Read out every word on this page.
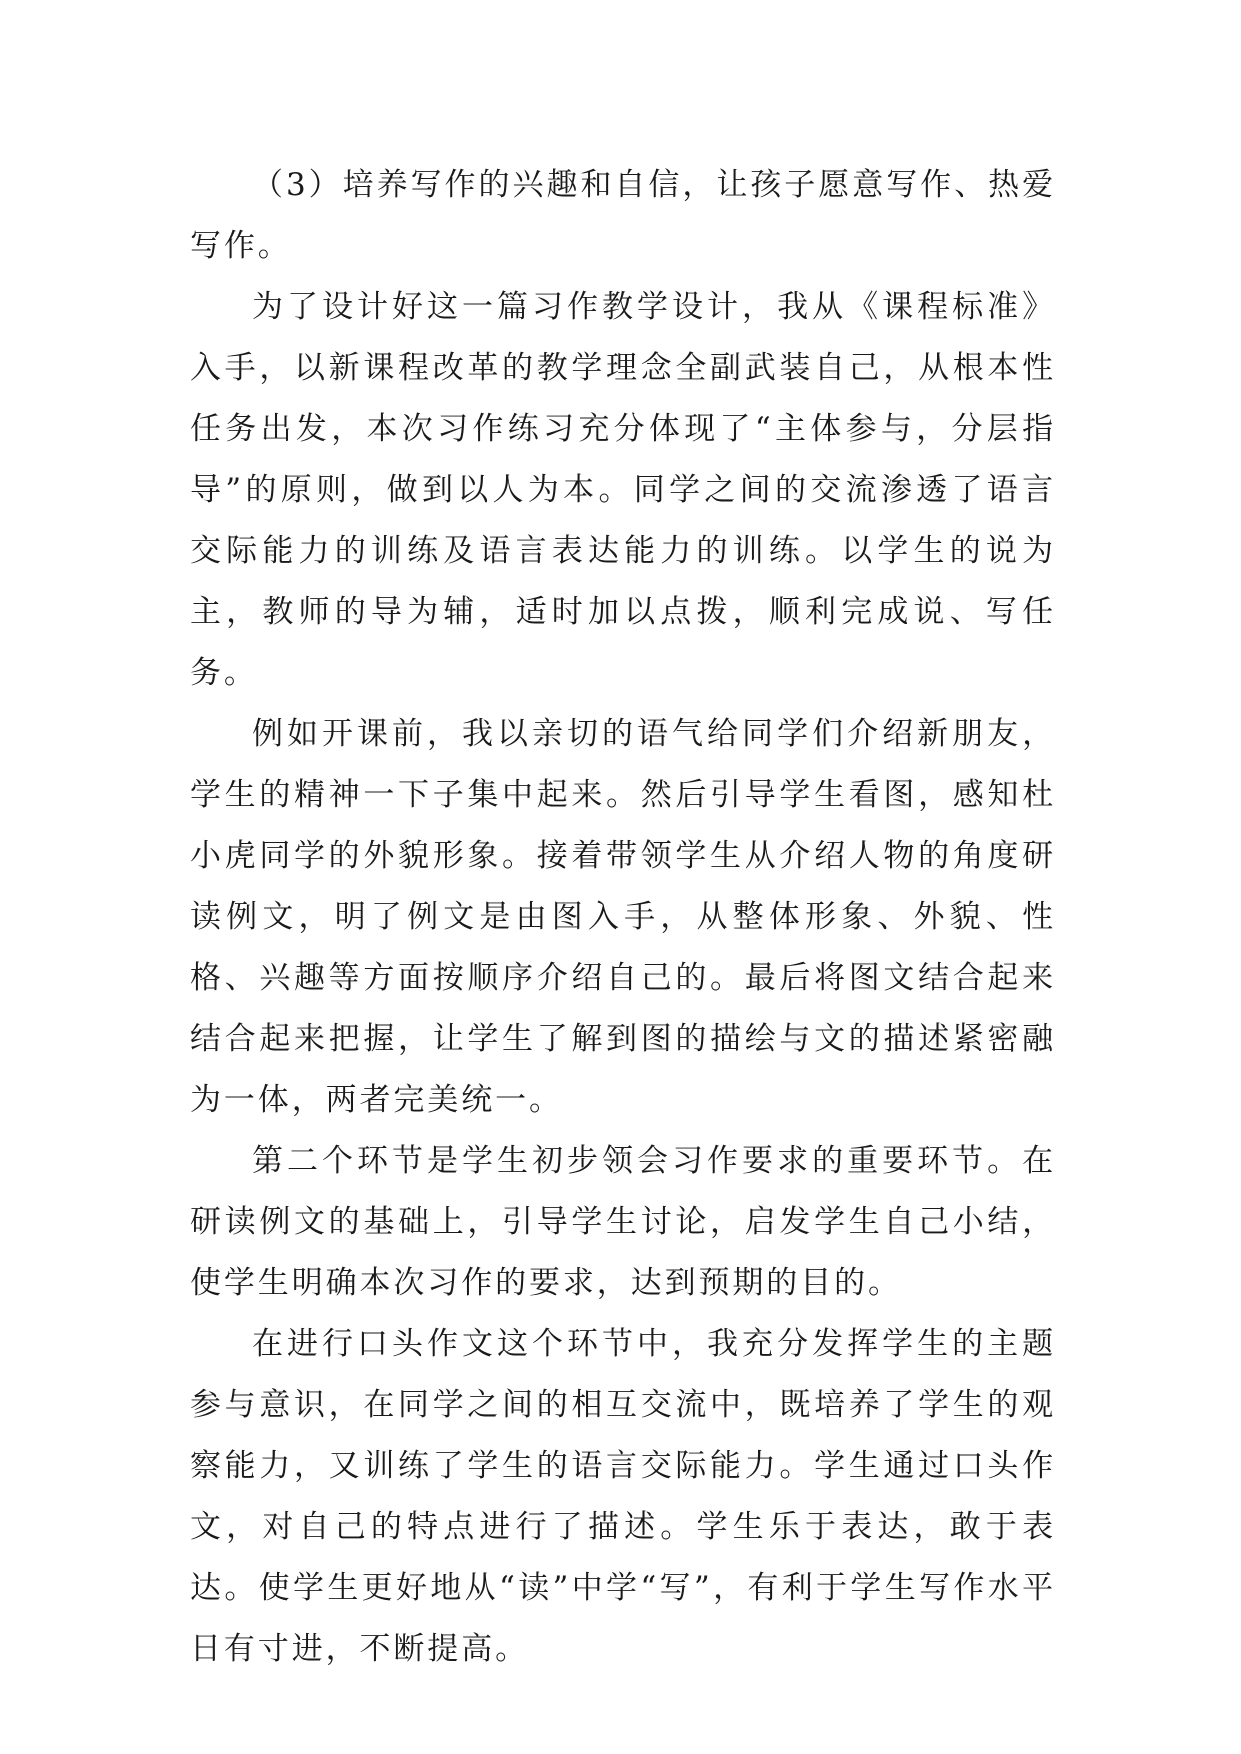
（3）培养写作的兴趣和自信，让孩子愿意写作、热爱写作。

为了设计好这一篇习作教学设计，我从《课程标准》入手，以新课程改革的教学理念全副武装自己，从根本性任务出发，本次习作练习充分体现了“主体参与，分层指导”的原则，做到以人为本。同学之间的交流渗透了语言交际能力的训练及语言表达能力的训练。以学生的说为主，教师的导为辅，适时加以点拨，顺利完成说、写任务。

例如开课前，我以亲切的语气给同学们介绍新朋友，学生的精神一下子集中起来。然后引导学生看图，感知杜小虎同学的外貌形象。接着带领学生从介绍人物的角度研读例文，明了例文是由图入手，从整体形象、外貌、性格、兴趣等方面按顺序介绍自己的。最后将图文结合起来结合起来把握，让学生了解到图的描绘与文的描述紧密融为一体，两者完美统一。

第二个环节是学生初步领会习作要求的重要环节。在研读例文的基础上，引导学生讨论，启发学生自己小结，使学生明确本次习作的要求，达到预期的目的。

在进行口头作文这个环节中，我充分发挥学生的主题参与意识，在同学之间的相互交流中，既培养了学生的观察能力，又训练了学生的语言交际能力。学生通过口头作文，对自己的特点进行了描述。学生乐于表达，敢于表达。使学生更好地从“读”中学“写”，有利于学生写作水平日有寸进，不断提高。
